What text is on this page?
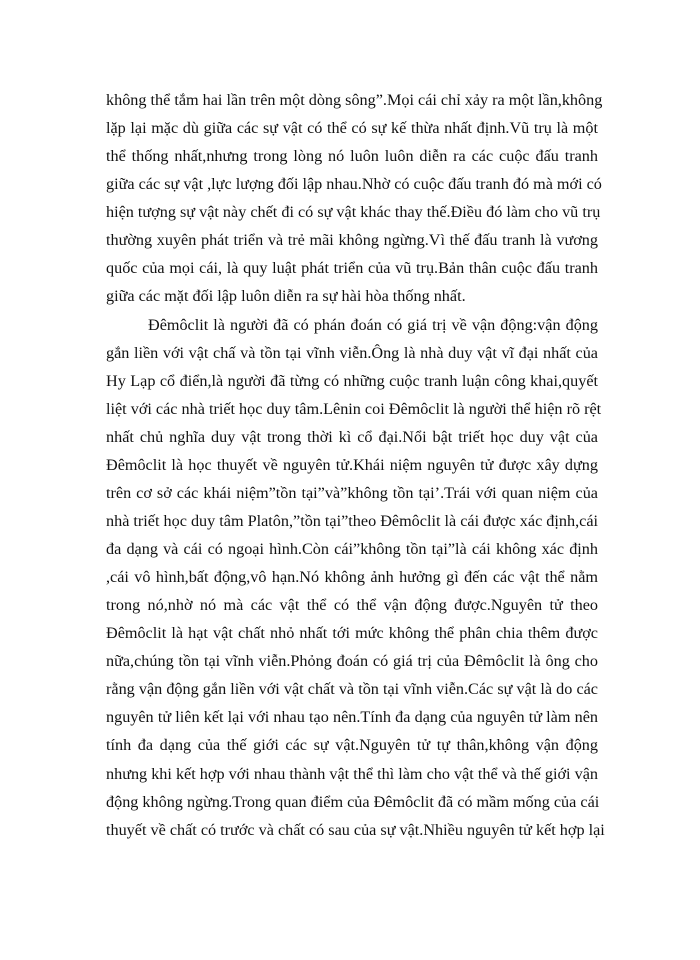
không thể tắm hai lần trên một dòng sông”.Mọi cái chỉ xảy ra một lần,không
lặp lại mặc dù giữa các sự vật có thể có sự kế thừa nhất định.Vũ trụ là một
thể thống nhất,nhưng trong lòng nó luôn luôn diễn ra các cuộc đấu tranh
giữa các sự vật ,lực lượng đối lập nhau.Nhờ có cuộc đấu tranh đó mà mới có
hiện tượng sự vật này chết đi có sự vật khác thay thế.Điều đó làm cho vũ trụ
thường xuyên phát triển và trẻ mãi không ngừng.Vì thế đấu tranh là vương
quốc của mọi cái, là quy luật phát triển của vũ trụ.Bản thân cuộc đấu tranh
giữa các mặt đối lập luôn diễn ra sự hài hòa thống nhất.
Đêmôclit là người đã có phán đoán có giá trị về vận động:vận động
gắn liền với vật chấ và tồn tại vĩnh viễn.Ông là nhà duy vật vĩ đại nhất của
Hy Lạp cổ điển,là người đã từng có những cuộc tranh luận công khai,quyết
liệt với các nhà triết học duy tâm.Lênin coi Đêmôclit là người thể hiện rõ rệt
nhất chủ nghĩa duy vật trong thời kì cổ đại.Nổi bật triết học duy vật của
Đêmôclit là học thuyết về nguyên tử.Khái niệm nguyên tử được xây dựng
trên cơ sở các khái niệm”tồn tại”và”không tồn tại’.Trái với quan niệm của
nhà triết học duy tâm Platôn,”tồn tại”theo Đêmôclit là cái được xác định,cái
đa dạng và cái có ngoại hình.Còn cái”không tồn tại”là cái không xác định
,cái vô hình,bất động,vô hạn.Nó không ảnh hưởng gì đến các vật thể nằm
trong nó,nhờ nó mà các vật thể có thể vận động được.Nguyên tử theo
Đêmôclit là hạt vật chất nhỏ nhất tới mức không thể phân chia thêm được
nữa,chúng tồn tại vĩnh viễn.Phỏng đoán có giá trị của Đêmôclit là ông cho
rằng vận động gắn liền với vật chất và tồn tại vĩnh viễn.Các sự vật là do các
nguyên tử liên kết lại với nhau tạo nên.Tính đa dạng của nguyên tử làm nên
tính đa dạng của thế giới các sự vật.Nguyên tử tự thân,không vận động
nhưng khi kết hợp với nhau thành vật thể thì làm cho vật thể và thế giới vận
động không ngừng.Trong quan điểm của Đêmôclit đã có mầm mống của cái
thuyết về chất có trước và chất có sau của sự vật.Nhiều nguyên tử kết hợp lại
